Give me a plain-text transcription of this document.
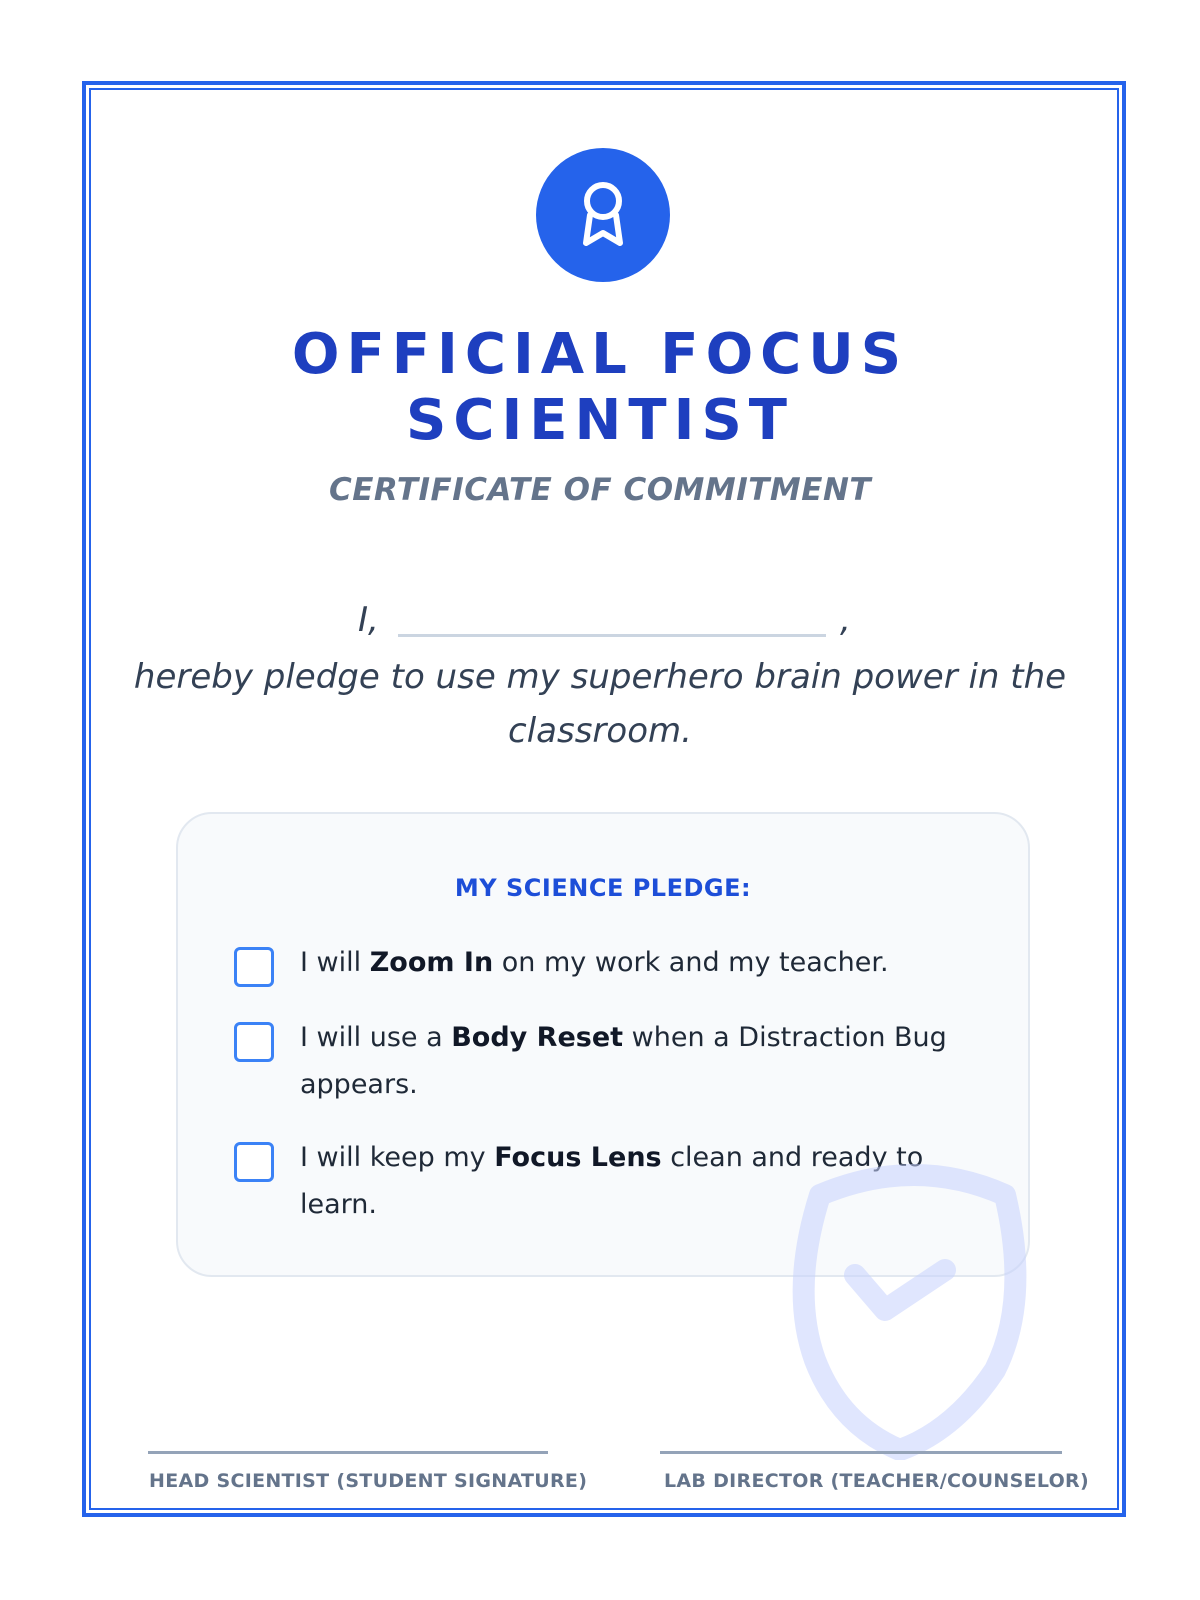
OFFICIAL FOCUS
SCIENTIST
CERTIFICATE OF COMMITMENT
I,	,
hereby pledge to use my superhero brain power in the classroom.
MY SCIENCE PLEDGE:
I will Zoom In on my work and my teacher.
I will use a Body Reset when a Distraction Bug appears.
I will keep my Focus Lens clean and ready to learn.
HEAD SCIENTIST (STUDENT SIGNATURE)	LAB DIRECTOR (TEACHER/COUNSELOR)
